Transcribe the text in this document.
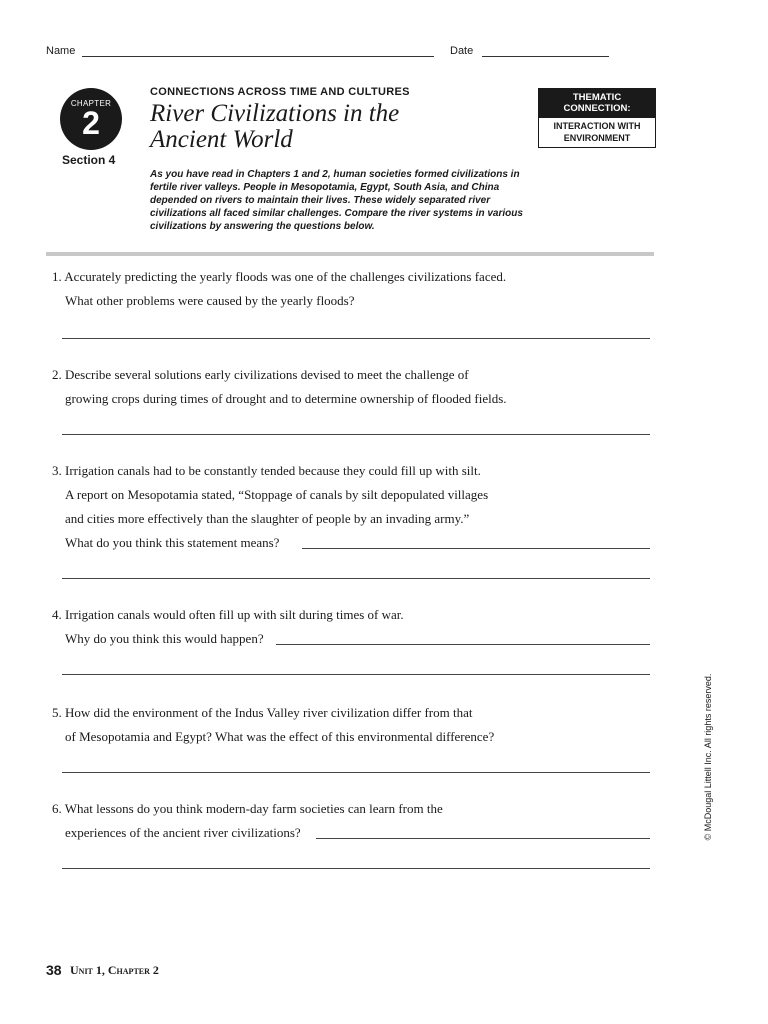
Name	Date
CHAPTER
2
Section 4
CONNECTIONS ACROSS TIME AND CULTURES
River Civilizations in the
Ancient World
THEMATIC CONNECTION:
INTERACTION WITH
ENVIRONMENT
As you have read in Chapters 1 and 2, human societies formed civilizations in
fertile river valleys. People in Mesopotamia, Egypt, South Asia, and China
depended on rivers to maintain their lives. These widely separated river
civilizations all faced similar challenges. Compare the river systems in various
civilizations by answering the questions below.
1. Accurately predicting the yearly floods was one of the challenges civilizations faced.
What other problems were caused by the yearly floods?
2. Describe several solutions early civilizations devised to meet the challenge of
growing crops during times of drought and to determine ownership of flooded fields.
3. Irrigation canals had to be constantly tended because they could fill up with silt.
A report on Mesopotamia stated, “Stoppage of canals by silt depopulated villages
and cities more effectively than the slaughter of people by an invading army.”
What do you think this statement means?
4. Irrigation canals would often fill up with silt during times of war.
Why do you think this would happen?
5. How did the environment of the Indus Valley river civilization differ from that
of Mesopotamia and Egypt? What was the effect of this environmental difference?
6. What lessons do you think modern-day farm societies can learn from the
experiences of the ancient river civilizations?	© McDougal Littell Inc. All rights reserved.
38 Unit 1, Chapter 2
